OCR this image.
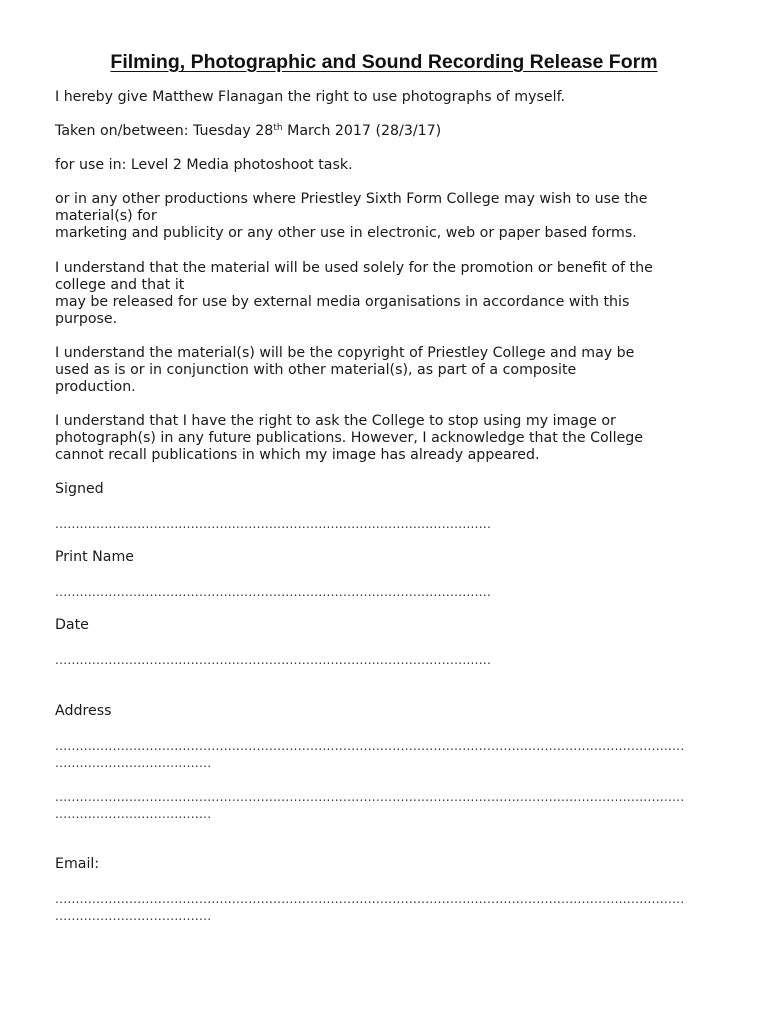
Filming, Photographic and Sound Recording Release Form
I hereby give Matthew Flanagan the right to use photographs of myself.
Taken on/between: Tuesday 28th March 2017 (28/3/17)
for use in: Level 2 Media photoshoot task.
or in any other productions where Priestley Sixth Form College may wish to use the
material(s) for
marketing and publicity or any other use in electronic, web or paper based forms.
I understand that the material will be used solely for the promotion or benefit of the
college and that it
may be released for use by external media organisations in accordance with this
purpose.
I understand the material(s) will be the copyright of Priestley College and may be
used as is or in conjunction with other material(s), as part of a composite
production.
I understand that I have the right to ask the College to stop using my image or
photograph(s) in any future publications. However, I acknowledge that the College
cannot recall publications in which my image has already appeared.
Signed
..........................................................................................................
Print Name
..........................................................................................................
Date
..........................................................................................................
Address
.........................................................................................................................................................
......................................
.........................................................................................................................................................
......................................
Email:
.........................................................................................................................................................
......................................
